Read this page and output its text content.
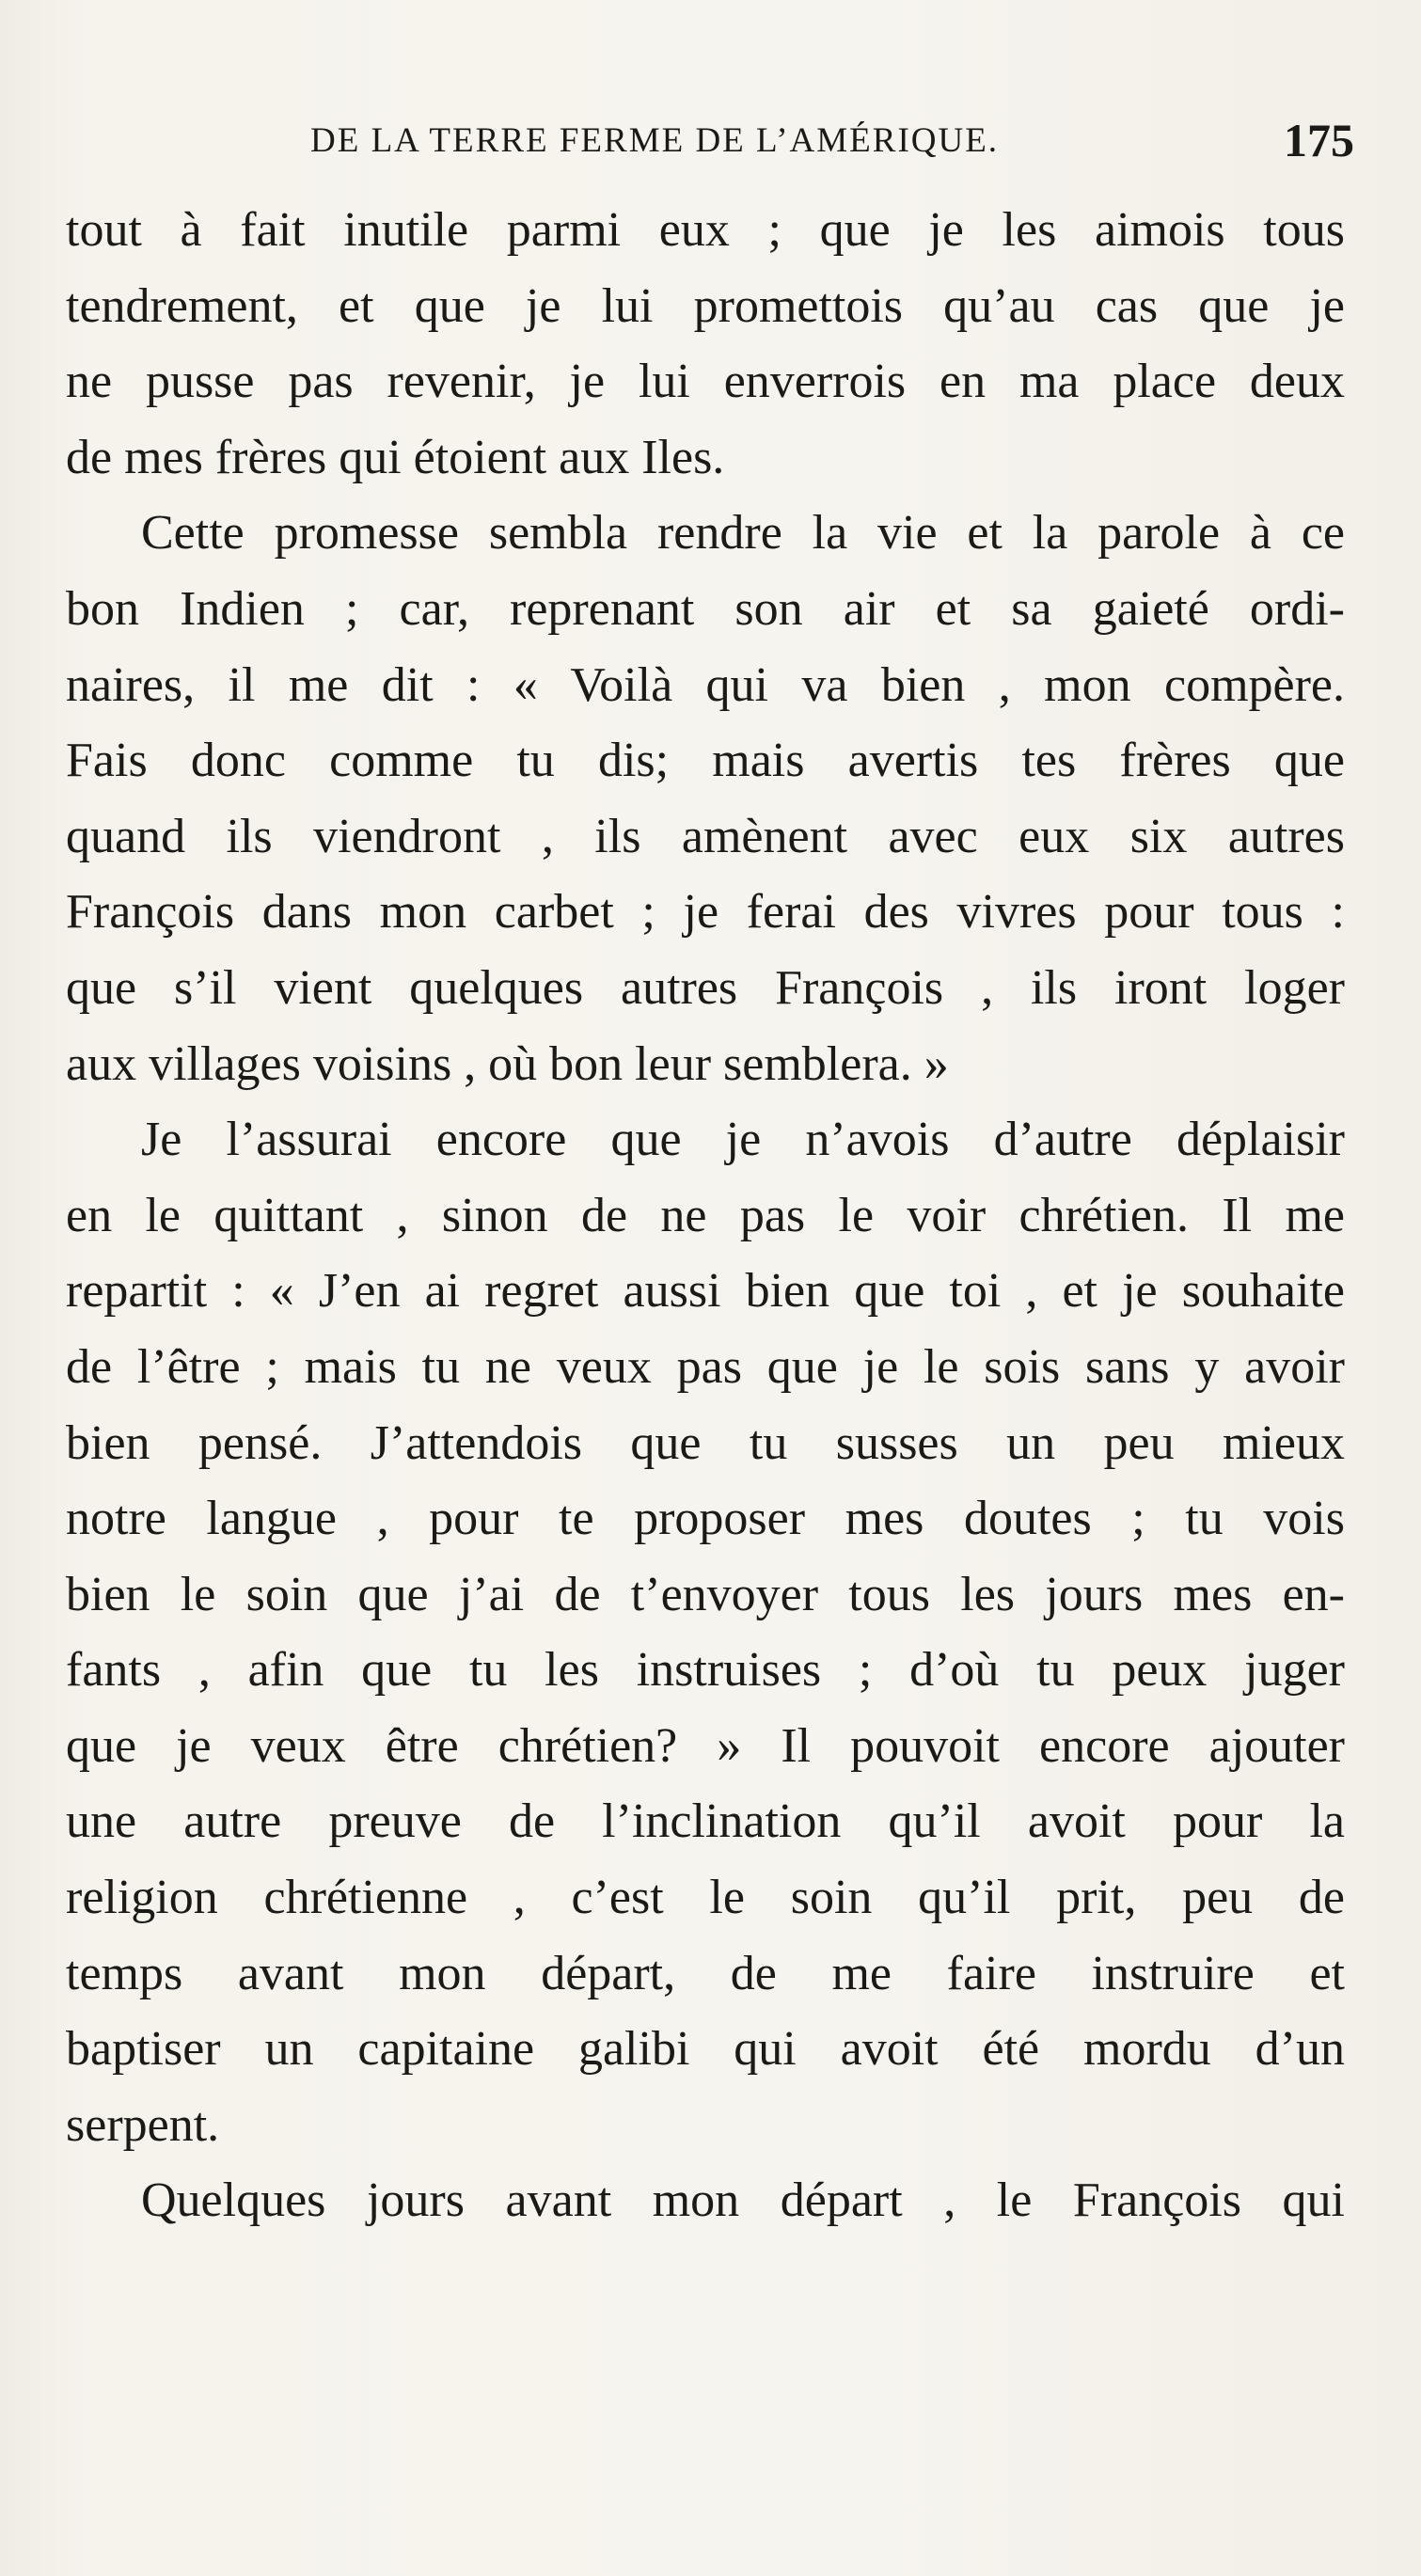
DE LA TERRE FERME DE L’AMÉRIQUE.	175
tout à fait inutile parmi eux ; que je les aimois tous
tendrement, et que je lui promettois qu’au cas que je
ne pusse pas revenir, je lui enverrois en ma place deux
de mes frères qui étoient aux Iles.
Cette promesse sembla rendre la vie et la parole à ce
bon Indien ; car, reprenant son air et sa gaieté ordi-
naires, il me dit : « Voilà qui va bien , mon compère.
Fais donc comme tu dis; mais avertis tes frères que
quand ils viendront , ils amènent avec eux six autres
François dans mon carbet ; je ferai des vivres pour tous :
que s’il vient quelques autres François , ils iront loger
aux villages voisins , où bon leur semblera. »
Je l’assurai encore que je n’avois d’autre déplaisir
en le quittant , sinon de ne pas le voir chrétien. Il me
repartit : « J’en ai regret aussi bien que toi , et je souhaite
de l’être ; mais tu ne veux pas que je le sois sans y avoir
bien pensé. J’attendois que tu susses un peu mieux
notre langue , pour te proposer mes doutes ; tu vois
bien le soin que j’ai de t’envoyer tous les jours mes en-
fants , afin que tu les instruises ; d’où tu peux juger
que je veux être chrétien? » Il pouvoit encore ajouter
une autre preuve de l’inclination qu’il avoit pour la
religion chrétienne , c’est le soin qu’il prit, peu de
temps avant mon départ, de me faire instruire et
baptiser un capitaine galibi qui avoit été mordu d’un
serpent.
Quelques jours avant mon départ , le François qui
